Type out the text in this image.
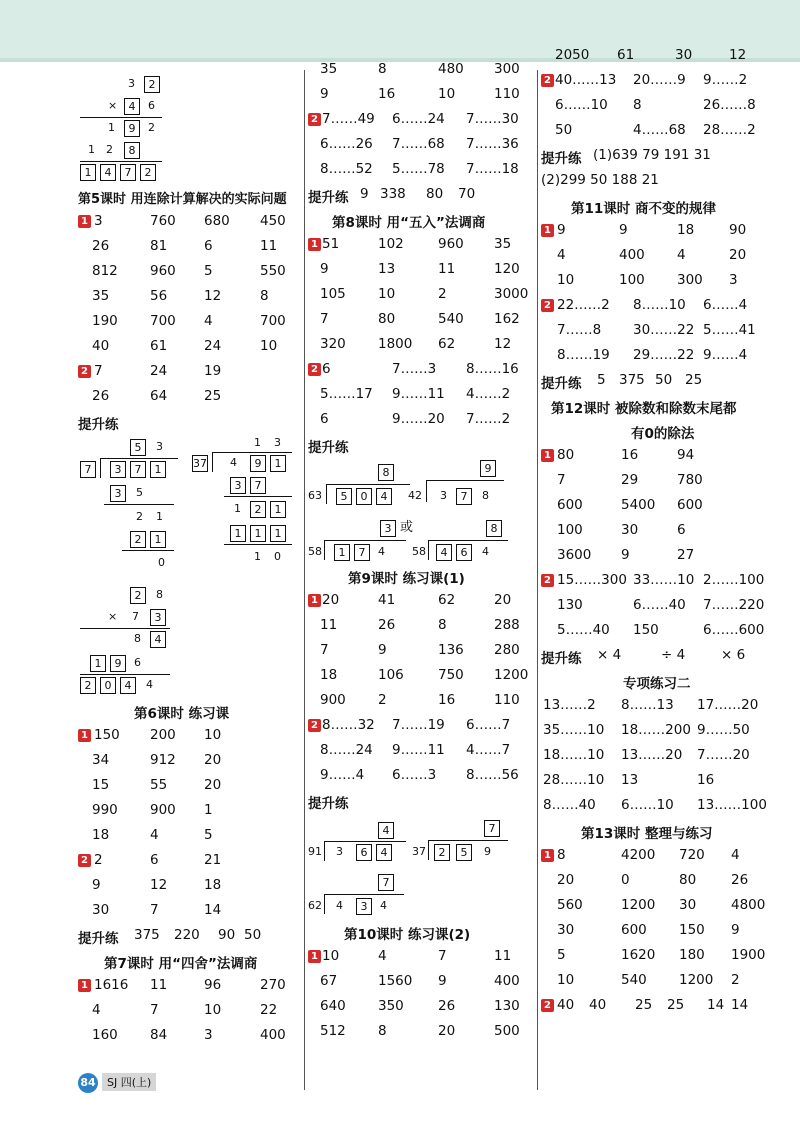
3	2
×	4	6
1	9	2
1 2	8
1	4	7	2
第5课时 用连除计算解决的实际问题
1 3	760 680 450
26	81	6	11
812 960 5	550
35	56	12	8
190 700 4	700
40	61	24	10
2 7	24	19
26	64	25
提升练
5	3
7	3	7	1
3	5
2 1
2	1
0
1 3
37 4	9	1
3	7
1	2	1
1	1	1
1 0
2	8
× 7	3
8	4
1	9	6
2	0	4	4
第6课时 练习课
1 150 200 10
34	912 20
15	55	20
990 900 1
18	4	5
2 2	6	21
9	12	18
30	7	14
提升练 375 220 90 50
第7课时 用“四舍”法调商
1 1616 11	96	270
4	7	10	22
160 84	3	400
35	8	480 300
9	16	10	110
2 7……49 6……24 7……30
6……26 7……68 7……36
8……52 5……78 7……18
提升练 9 338 80 70
第8课时 用“五入”法调商
1 51	102	960 35
9	13	11	120
105 10	2	3000
7	80	540 162
320 1800 62	12
2 6	7……3 8……16
5……17 9……11 4……2
6	9……20 7……2
提升练
8
63	5	0	4
9
42 3	7	8
3 或
58	1	7	4
8
58	4	6	4
第9课时 练习课(1)
1 20	41	62	20
11	26	8	288
7	9	136 280
18	106	750 1200
900 2	16	110
2 8……32 7……19 6……7
8……24 9……11 4……7
9……4 6……3 8……56
提升练
4
91 3	6	4
7
37	2	5	9
7
62 4	3	4
第10课时 练习课(2)
1 10	4	7	11
67	1560 9	400
640 350	26	130
512 8	20	500
2050 61	30	12
2 40……13 20……9 9……2
6……10 8	26……8
50	4……68 28……2
提升练 (1)639 79 191 31
(2)299 50 188 21
第11课时 商不变的规律
1 9	9	18	90
4	400 4	20
10	100 300 3
2 22……2 8……10 6……4
7……8 30……22 5……41
8……19 29……22 9……4
提升练 5 375 50 25
第12课时 被除数和除数末尾都
有0的除法
1 80	16	94
7	29	780
600	5400 600
100	30	6
3600 9	27
2 15……300 33……10 2……100
130	6……40 7……220
5……40 150	6……600
提升练 × 4	÷ 4	× 6
专项练习二
13……2 8……13 17……20
35……10 18……200 9……50
18……10 13……20 7……20
28……10 13	16
8……40 6……10 13……100
第13课时 整理与练习
1 8	4200 720 4
20	0	80	26
560	1200 30	4800
30	600 150 9
5	1620 180 1900
10	540 1200 2
2 40 40 25 25 14 14
84 SJ 四(上)
